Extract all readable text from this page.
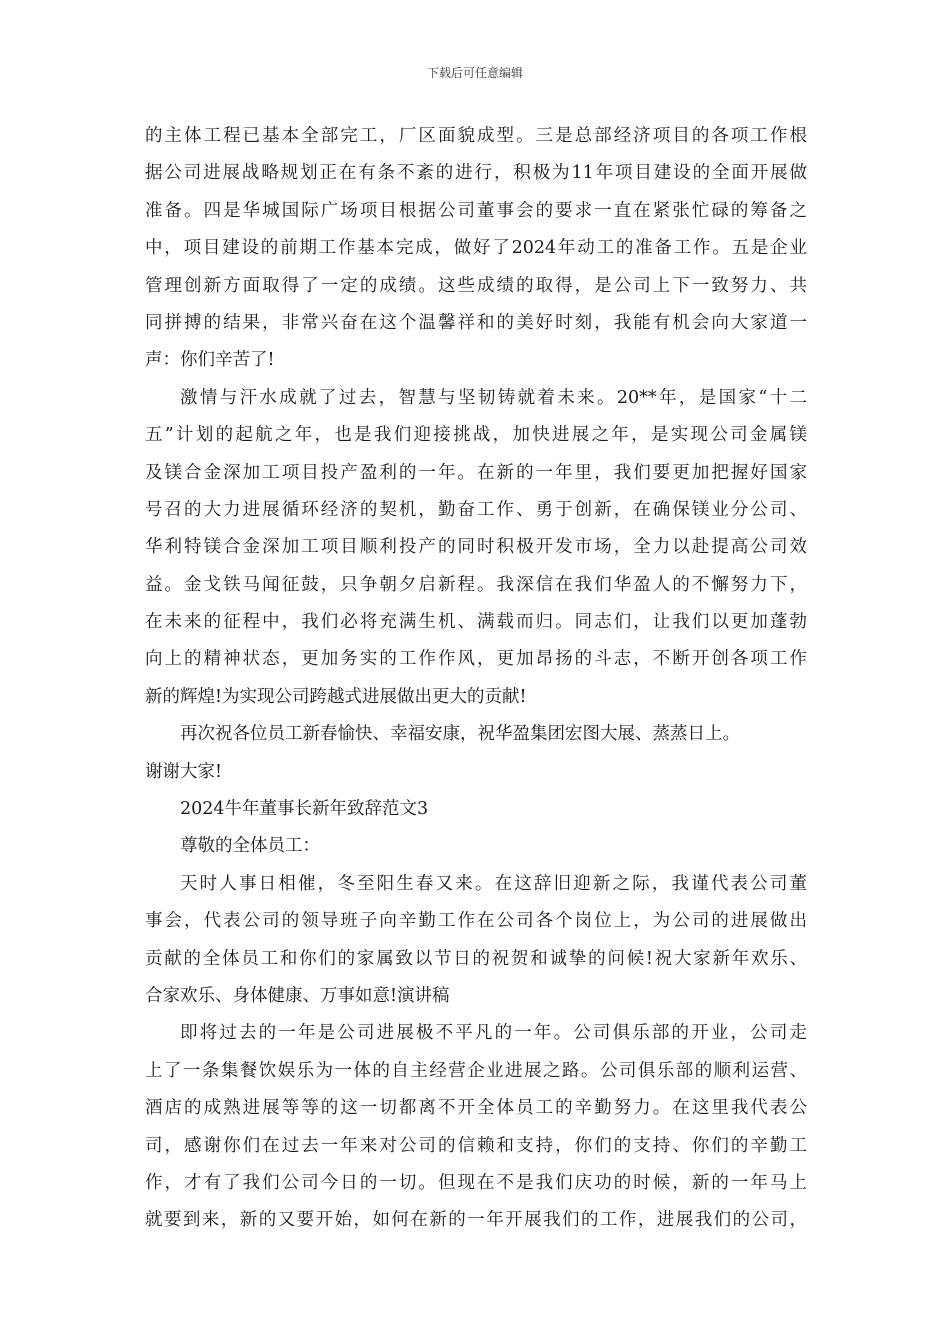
下载后可任意编辑
的主体工程已基本全部完工，厂区面貌成型。三是总部经济项目的各项工作根
据公司进展战略规划正在有条不紊的进行，积极为11年项目建设的全面开展做
准备。四是华城国际广场项目根据公司董事会的要求一直在紧张忙碌的筹备之
中，项目建设的前期工作基本完成，做好了2024年动工的准备工作。五是企业
管理创新方面取得了一定的成绩。这些成绩的取得，是公司上下一致努力、共
同拼搏的结果，非常兴奋在这个温馨祥和的美好时刻，我能有机会向大家道一
声：你们辛苦了!
激情与汗水成就了过去，智慧与坚韧铸就着未来。20**年，是国家“十二
五”计划的起航之年，也是我们迎接挑战，加快进展之年，是实现公司金属镁
及镁合金深加工项目投产盈利的一年。在新的一年里，我们要更加把握好国家
号召的大力进展循环经济的契机，勤奋工作、勇于创新，在确保镁业分公司、
华利特镁合金深加工项目顺利投产的同时积极开发市场，全力以赴提高公司效
益。金戈铁马闻征鼓，只争朝夕启新程。我深信在我们华盈人的不懈努力下，
在未来的征程中，我们必将充满生机、满载而归。同志们，让我们以更加蓬勃
向上的精神状态，更加务实的工作作风，更加昂扬的斗志，不断开创各项工作
新的辉煌!为实现公司跨越式进展做出更大的贡献!
再次祝各位员工新春愉快、幸福安康，祝华盈集团宏图大展、蒸蒸日上。
谢谢大家!
2024牛年董事长新年致辞范文3
尊敬的全体员工：
天时人事日相催，冬至阳生春又来。在这辞旧迎新之际，我谨代表公司董
事会，代表公司的领导班子向辛勤工作在公司各个岗位上，为公司的进展做出
贡献的全体员工和你们的家属致以节日的祝贺和诚挚的问候!祝大家新年欢乐、
合家欢乐、身体健康、万事如意!演讲稿
即将过去的一年是公司进展极不平凡的一年。公司俱乐部的开业，公司走
上了一条集餐饮娱乐为一体的自主经营企业进展之路。公司俱乐部的顺利运营、
酒店的成熟进展等等的这一切都离不开全体员工的辛勤努力。在这里我代表公
司，感谢你们在过去一年来对公司的信赖和支持，你们的支持、你们的辛勤工
作，才有了我们公司今日的一切。但现在不是我们庆功的时候，新的一年马上
就要到来，新的又要开始，如何在新的一年开展我们的工作，进展我们的公司，
